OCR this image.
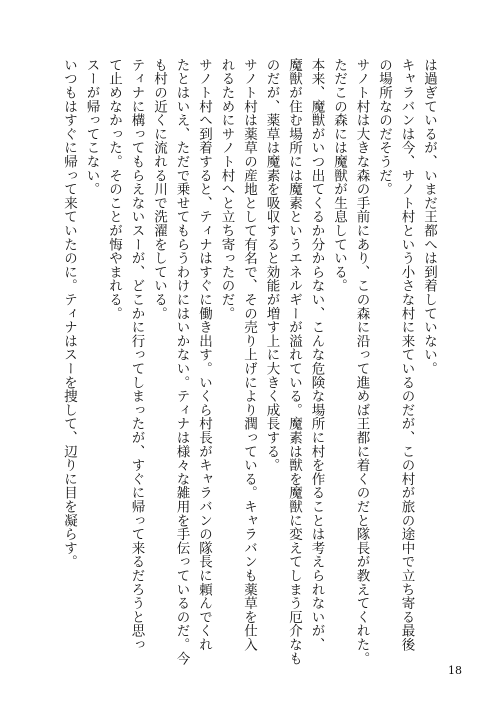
は過ぎているが、いまだ王都へは到着していない。
キャラバンは今、サノト村という小さな村に来ているのだが、この村が旅の途中で立ち寄る最後
の場所なのだそうだ。
サノト村は大きな森の手前にあり、この森に沿って進めば王都に着くのだと隊長が教えてくれた。
ただこの森には魔獣が生息している。
本来、魔獣がいつ出てくるか分からない、こんな危険な場所に村を作ることは考えられないが、
魔獣が住む場所には魔素というエネルギーが溢れている。魔素は獣を魔獣に変えてしまう厄介なも
のだが、薬草は魔素を吸収すると効能が増す上に大きく成長する。
サノト村は薬草の産地として有名で、その売り上げにより潤っている。キャラバンも薬草を仕入
れるためにサノト村へと立ち寄ったのだ。
サノト村へ到着すると、ティナはすぐに働き出す。いくら村長がキャラバンの隊長に頼んでくれ
たとはいえ、ただで乗せてもらうわけにはいかない。ティナは様々な雑用を手伝っているのだ。今
も村の近くに流れる川で洗濯をしている。
ティナに構ってもらえないスーが、どこかに行ってしまったが、すぐに帰って来るだろうと思っ
て止めなかった。そのことが悔やまれる。
スーが帰ってこない。
いつもはすぐに帰って来ていたのに。ティナはスーを捜して、辺りに目を凝らす。
18
